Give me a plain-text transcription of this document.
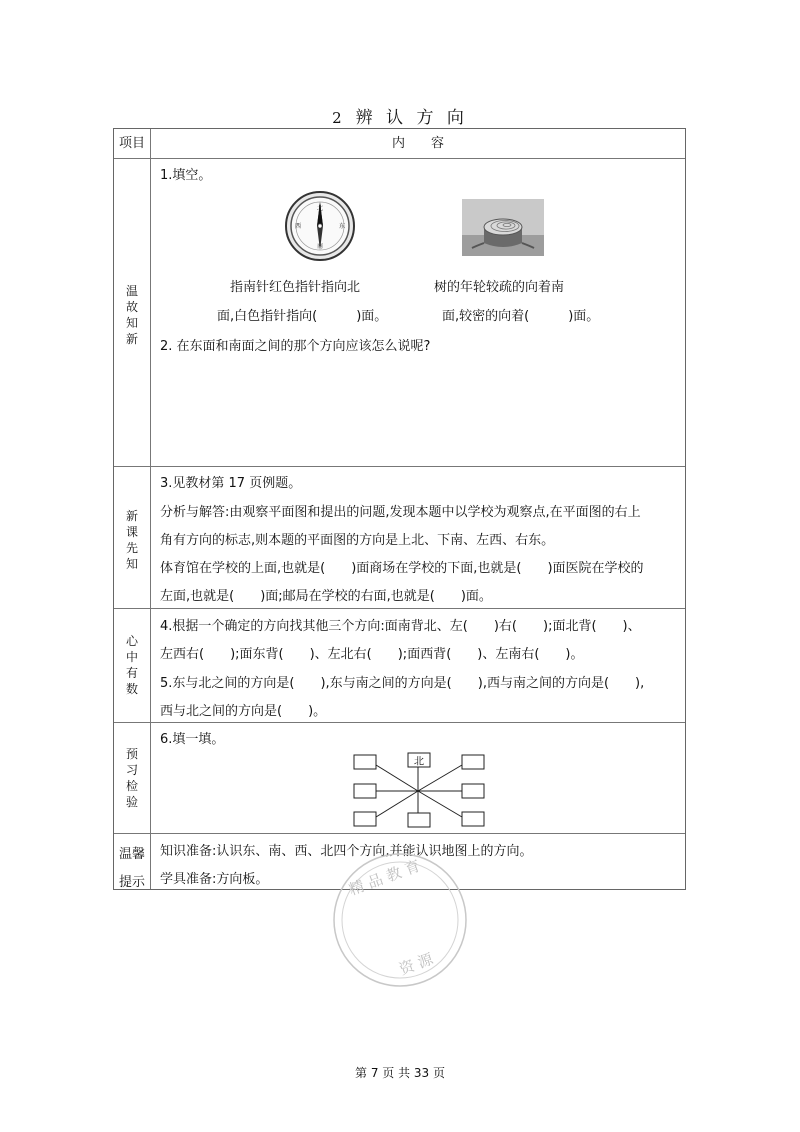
2 辨 认 方 向
项目	内　　容
温故知新
1.填空。
北
东
南
西
指南针红色指针指向北
面,白色指针指向(　　　)面。
树的年轮较疏的向着南
面,较密的向着(　　　)面。
2. 在东面和南面之间的那个方向应该怎么说呢?
新课先知
3.见教材第 17 页例题。
分析与解答:由观察平面图和提出的问题,发现本题中以学校为观察点,在平面图的右上
角有方向的标志,则本题的平面图的方向是上北、下南、左西、右东。
体育馆在学校的上面,也就是(　　)面商场在学校的下面,也就是(　　)面医院在学校的
左面,也就是(　　)面;邮局在学校的右面,也就是(　　)面。
心中有数
4.根据一个确定的方向找其他三个方向:面南背北、左(　　)右(　　);面北背(　　)、
左西右(　　);面东背(　　)、左北右(　　);面西背(　　)、左南右(　　)。
5.东与北之间的方向是(　　),东与南之间的方向是(　　),西与南之间的方向是(　　),
西与北之间的方向是(　　)。
预习检验
6.填一填。
北
温馨提示
知识准备:认识东、南、西、北四个方向,并能认识地图上的方向。
学具准备:方向板。	精 品 教 育
资 源
第 7 页 共 33 页
